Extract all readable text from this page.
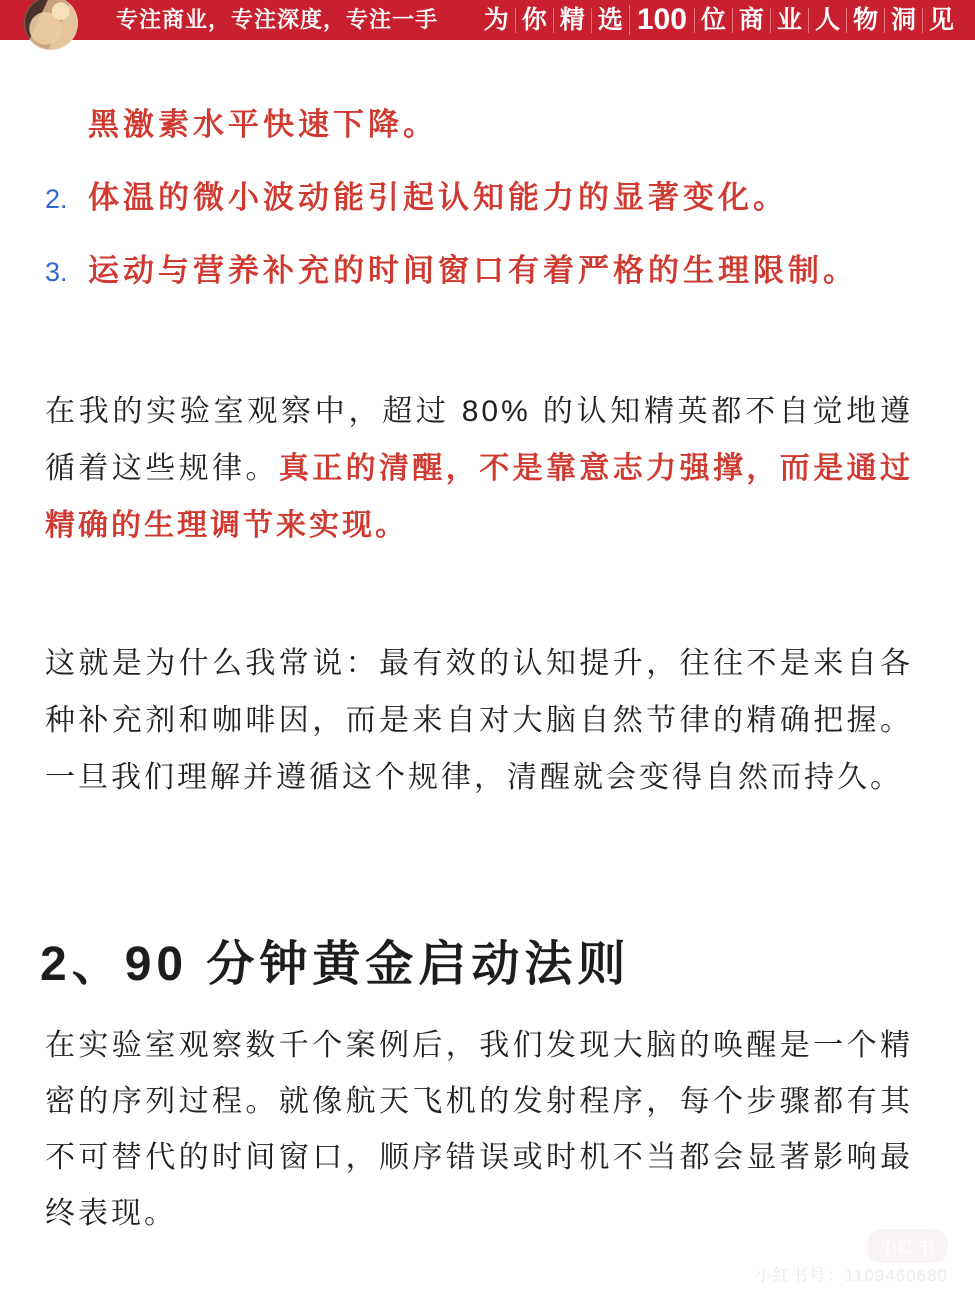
专注商业，专注深度，专注一手 为 你 精 选 100 位 商 业 人 物 洞 见
黑激素水平快速下降。
2. 体温的微小波动能引起认知能力的显著变化。
3. 运动与营养补充的时间窗口有着严格的生理限制。
在我的实验室观察中，超过 80% 的认知精英都不自觉地遵循着这些规律。真正的清醒，不是靠意志力强撑，而是通过精确的生理调节来实现。
这就是为什么我常说：最有效的认知提升，往往不是来自各种补充剂和咖啡因，而是来自对大脑自然节律的精确把握。一旦我们理解并遵循这个规律，清醒就会变得自然而持久。
2、90 分钟黄金启动法则
在实验室观察数千个案例后，我们发现大脑的唤醒是一个精密的序列过程。就像航天飞机的发射程序，每个步骤都有其不可替代的时间窗口，顺序错误或时机不当都会显著影响最终表现。
小红书
小红书号：1109460680
